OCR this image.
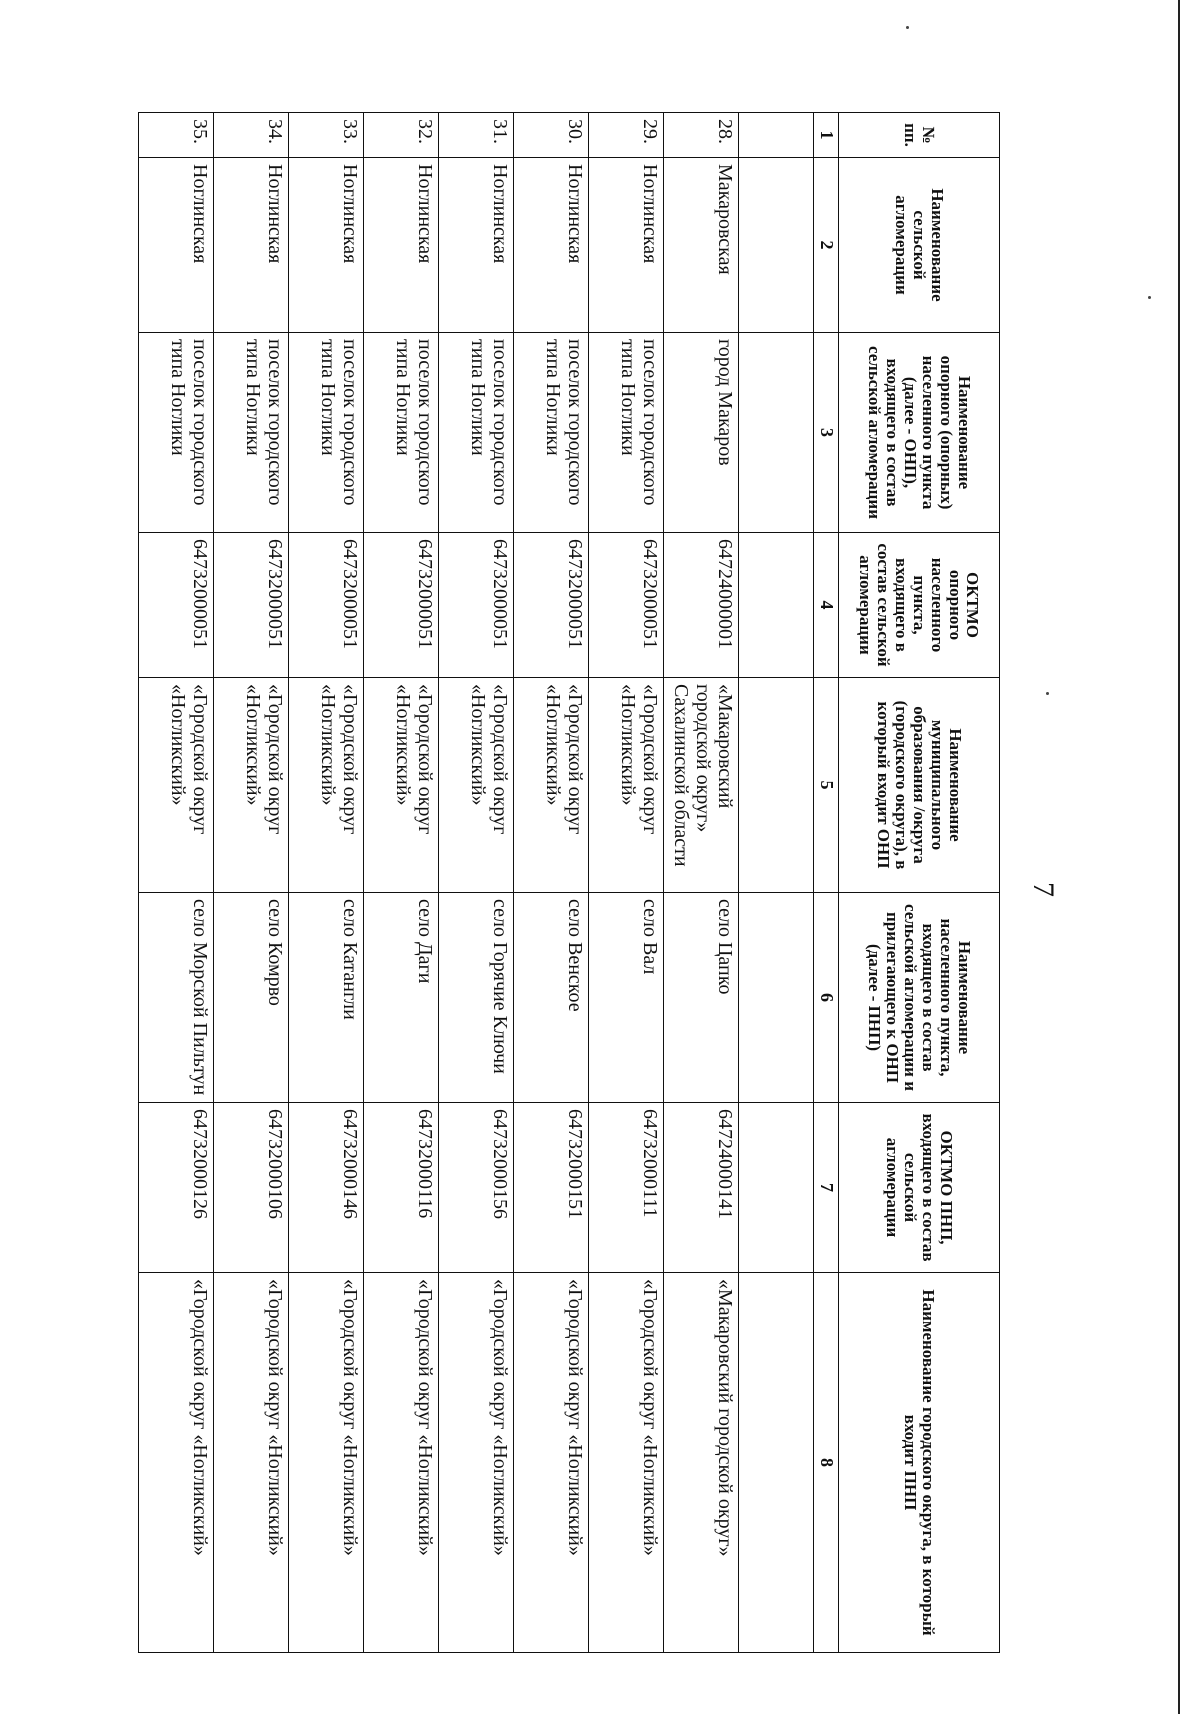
7
№ пп.	Наименование сельской агломерации	Наименование опорного (опорных) населенного пункта (далее - ОНП), входящего в состав сельской агломерации	ОКТМО опорного населенного пункта, входящего в состав сельской агломерации	Наименование муниципального образования /округа (городского округа), в который входит ОНП	Наименование населенного пункта, входящего в состав сельской агломерации и прилегающего к ОНП (далее - ПНП)	ОКТМО ПНП, входящего в состав сельской агломерации	Наименование городского округа, в который входит ПНП
1	2	3	4	5	6	7	8

28.	Макаровская	город Макаров	64724000001	«Макаровский городской округ» Сахалинской области	село Цапко	64724000141	«Макаровский городской округ»
29.	Ноглинская	поселок городского типа Ноглики	64732000051	«Городской округ «Ногликский»	село Вал	64732000111	«Городской округ «Ногликский»
30.	Ноглинская	поселок городского типа Ноглики	64732000051	«Городской округ «Ногликский»	село Венское	64732000151	«Городской округ «Ногликский»
31.	Ноглинская	поселок городского типа Ноглики	64732000051	«Городской округ «Ногликский»	село Горячие Ключи	64732000156	«Городской округ «Ногликский»
32.	Ноглинская	поселок городского типа Ноглики	64732000051	«Городской округ «Ногликский»	село Даги	64732000116	«Городской округ «Ногликский»
33.	Ноглинская	поселок городского типа Ноглики	64732000051	«Городской округ «Ногликский»	село Катангли	64732000146	«Городской округ «Ногликский»
34.	Ноглинская	поселок городского типа Ноглики	64732000051	«Городской округ «Ногликский»	село Комрво	64732000106	«Городской округ «Ногликский»
35.	Ноглинская	поселок городского типа Ноглики	64732000051	«Городской округ «Ногликский»	село Морской Пильтун	64732000126	«Городской округ «Ногликский»
